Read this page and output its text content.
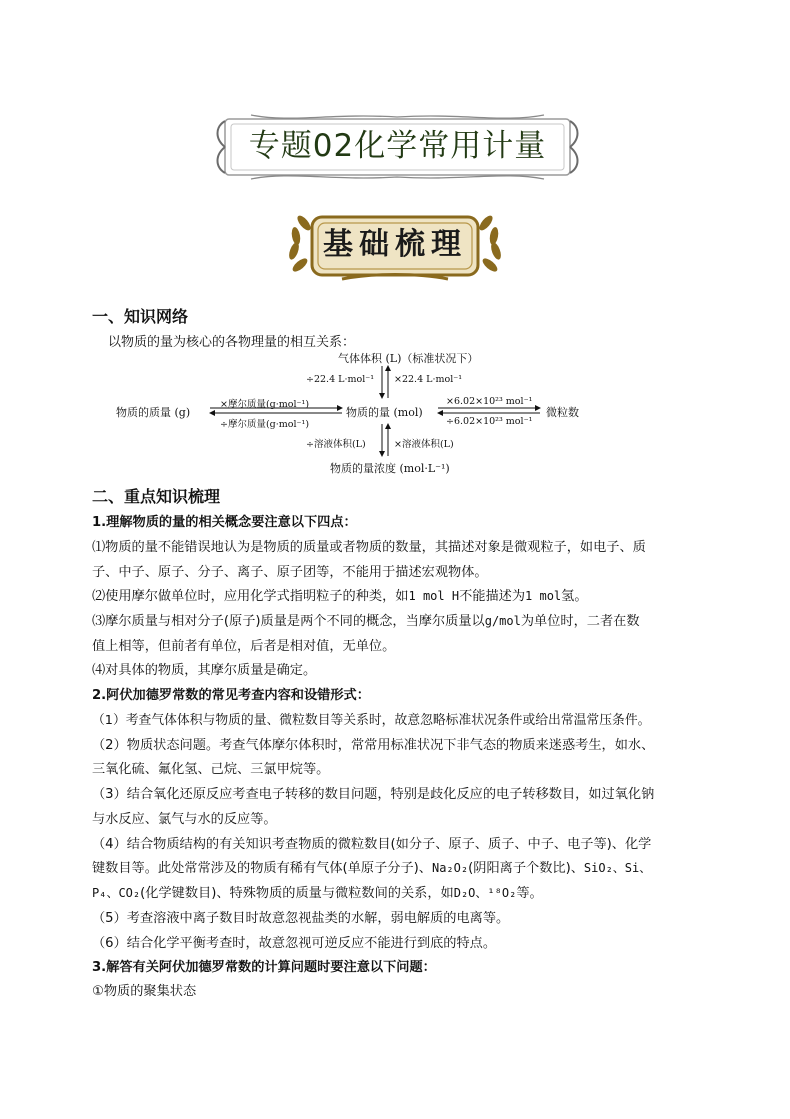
专题02化学常用计量
基础梳理
一、知识网络
以物质的量为核心的各物理量的相互关系：
气体体积 (L)（标准状况下）
÷22.4 L·mol⁻¹ ×22.4 L·mol⁻¹
物质的质量 (g)
×摩尔质量(g·mol⁻¹)
÷摩尔质量(g·mol⁻¹)
物质的量 (mol)
×6.02×10²³ mol⁻¹
÷6.02×10²³ mol⁻¹
微粒数
÷溶液体积(L)	×溶液体积(L)
物质的量浓度 (mol·L⁻¹)
二、重点知识梳理
1.理解物质的量的相关概念要注意以下四点：
⑴物质的量不能错误地认为是物质的质量或者物质的数量，其描述对象是微观粒子，如电子、质
子、中子、原子、分子、离子、原子团等，不能用于描述宏观物体。
⑵使用摩尔做单位时，应用化学式指明粒子的种类，如1 mol H不能描述为1 mol氢。
⑶摩尔质量与相对分子(原子)质量是两个不同的概念，当摩尔质量以g/mol为单位时，二者在数
值上相等，但前者有单位，后者是相对值，无单位。
⑷对具体的物质，其摩尔质量是确定。
2.阿伏加德罗常数的常见考查内容和设错形式：
（1）考查气体体积与物质的量、微粒数目等关系时，故意忽略标准状况条件或给出常温常压条件。
（2）物质状态问题。考查气体摩尔体积时，常常用标准状况下非气态的物质来迷惑考生，如水、
三氧化硫、氟化氢、己烷、三氯甲烷等。
（3）结合氧化还原反应考查电子转移的数目问题，特别是歧化反应的电子转移数目，如过氧化钠
与水反应、氯气与水的反应等。
（4）结合物质结构的有关知识考查物质的微粒数目(如分子、原子、质子、中子、电子等)、化学
键数目等。此处常常涉及的物质有稀有气体(单原子分子)、Na₂O₂(阴阳离子个数比)、SiO₂、Si、
P₄、CO₂(化学键数目)、特殊物质的质量与微粒数间的关系，如D₂O、¹⁸O₂等。
（5）考查溶液中离子数目时故意忽视盐类的水解，弱电解质的电离等。
（6）结合化学平衡考查时，故意忽视可逆反应不能进行到底的特点。
3.解答有关阿伏加德罗常数的计算问题时要注意以下问题：
①物质的聚集状态
